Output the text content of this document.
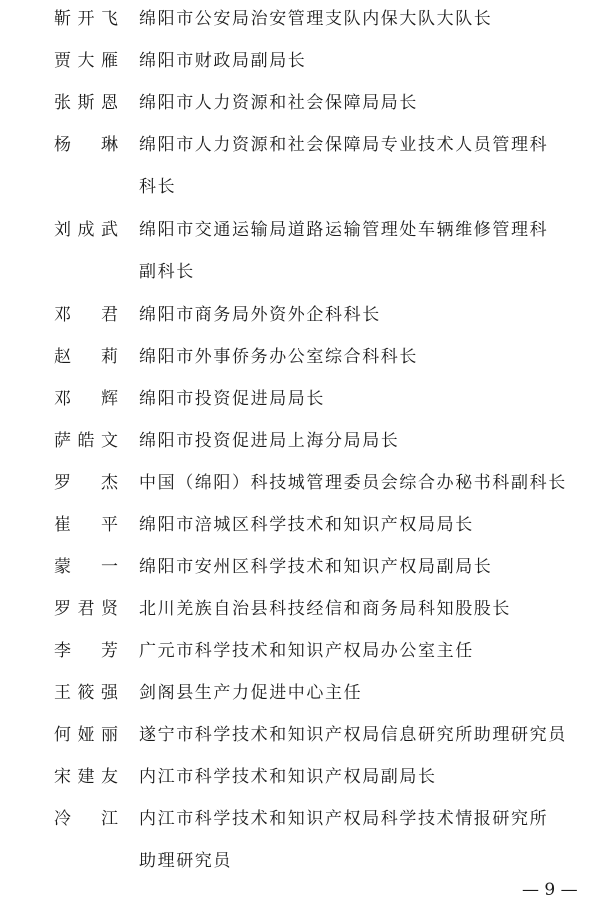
靳 开 飞 绵阳市公安局治安管理支队内保大队大队长
贾 大 雁 绵阳市财政局副局长
张 斯 恩 绵阳市人力资源和社会保障局局长
杨 琳 绵阳市人力资源和社会保障局专业技术人员管理科
科长
刘 成 武 绵阳市交通运输局道路运输管理处车辆维修管理科
副科长
邓 君 绵阳市商务局外资外企科科长
赵 莉 绵阳市外事侨务办公室综合科科长
邓 辉 绵阳市投资促进局局长
萨 皓 文 绵阳市投资促进局上海分局局长
罗 杰 中国（绵阳）科技城管理委员会综合办秘书科副科长
崔 平 绵阳市涪城区科学技术和知识产权局局长
蒙 一 绵阳市安州区科学技术和知识产权局副局长
罗 君 贤 北川羌族自治县科技经信和商务局科知股股长
李 芳 广元市科学技术和知识产权局办公室主任
王 筱 强 剑阁县生产力促进中心主任
何 娅 丽 遂宁市科学技术和知识产权局信息研究所助理研究员
宋 建 友 内江市科学技术和知识产权局副局长
冷 江 内江市科学技术和知识产权局科学技术情报研究所
助理研究员
— 9 —
